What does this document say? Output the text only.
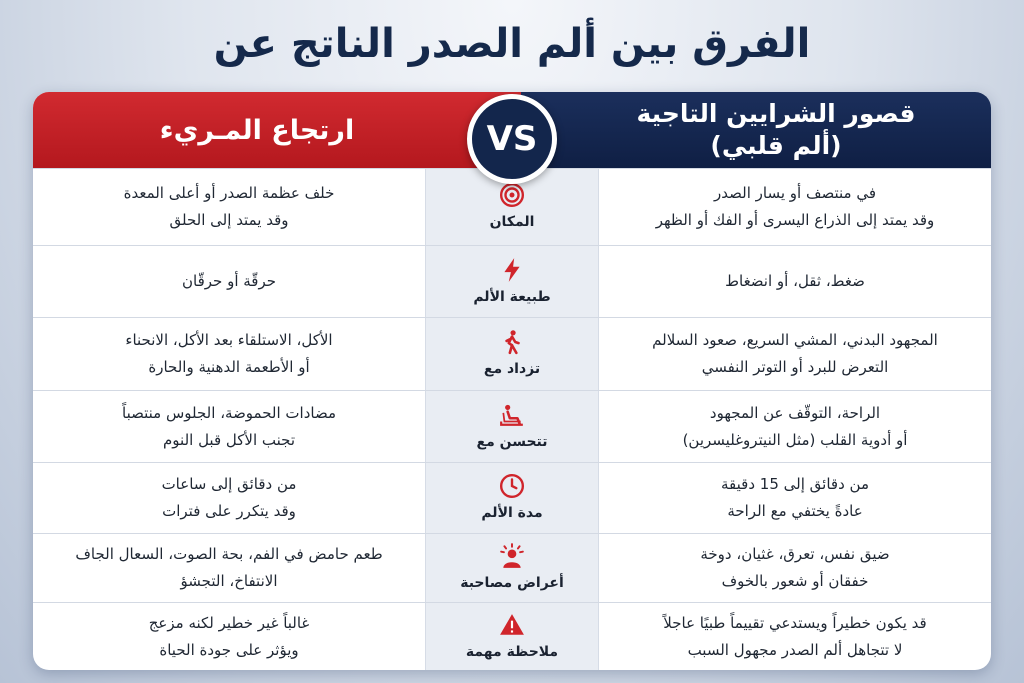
الفرق بين ألم الصدر الناتج عن
قصور الشرايين التاجية
(ألم قلبي)
ارتجاع المـريء	VS
في منتصف أو يسار الصدر
وقد يمتد إلى الذراع اليسرى أو الفك أو الظهر
المكان
خلف عظمة الصدر أو أعلى المعدة
وقد يمتد إلى الحلق
ضغط، ثقل، أو انضغاط
طبيعة الألم
حرقّة أو حرقّان
المجهود البدني، المشي السريع، صعود السلالم
التعرض للبرد أو التوتر النفسي
تزداد مع
الأكل، الاستلقاء بعد الأكل، الانحناء
أو الأطعمة الدهنية والحارة
الراحة، التوقّف عن المجهود
أو أدوية القلب (مثل النيتروغليسرين)
تتحسن مع
مضادات الحموضة، الجلوس منتصباً
تجنب الأكل قبل النوم
من دقائق إلى 15 دقيقة
عادةً يختفي مع الراحة
مدة الألم
من دقائق إلى ساعات
وقد يتكرر على فترات
ضيق نفس، تعرق، غثيان، دوخة
خفقان أو شعور بالخوف
أعراض مصاحبة
طعم حامض في الفم، بحة الصوت، السعال الجاف
الانتفاخ، التجشؤ
قد يكون خطيراً ويستدعي تقييماً طبيًا عاجلاً
لا تتجاهل ألم الصدر مجهول السبب
ملاحظة مهمة
غالباً غير خطير لكنه مزعج
ويؤثر على جودة الحياة
